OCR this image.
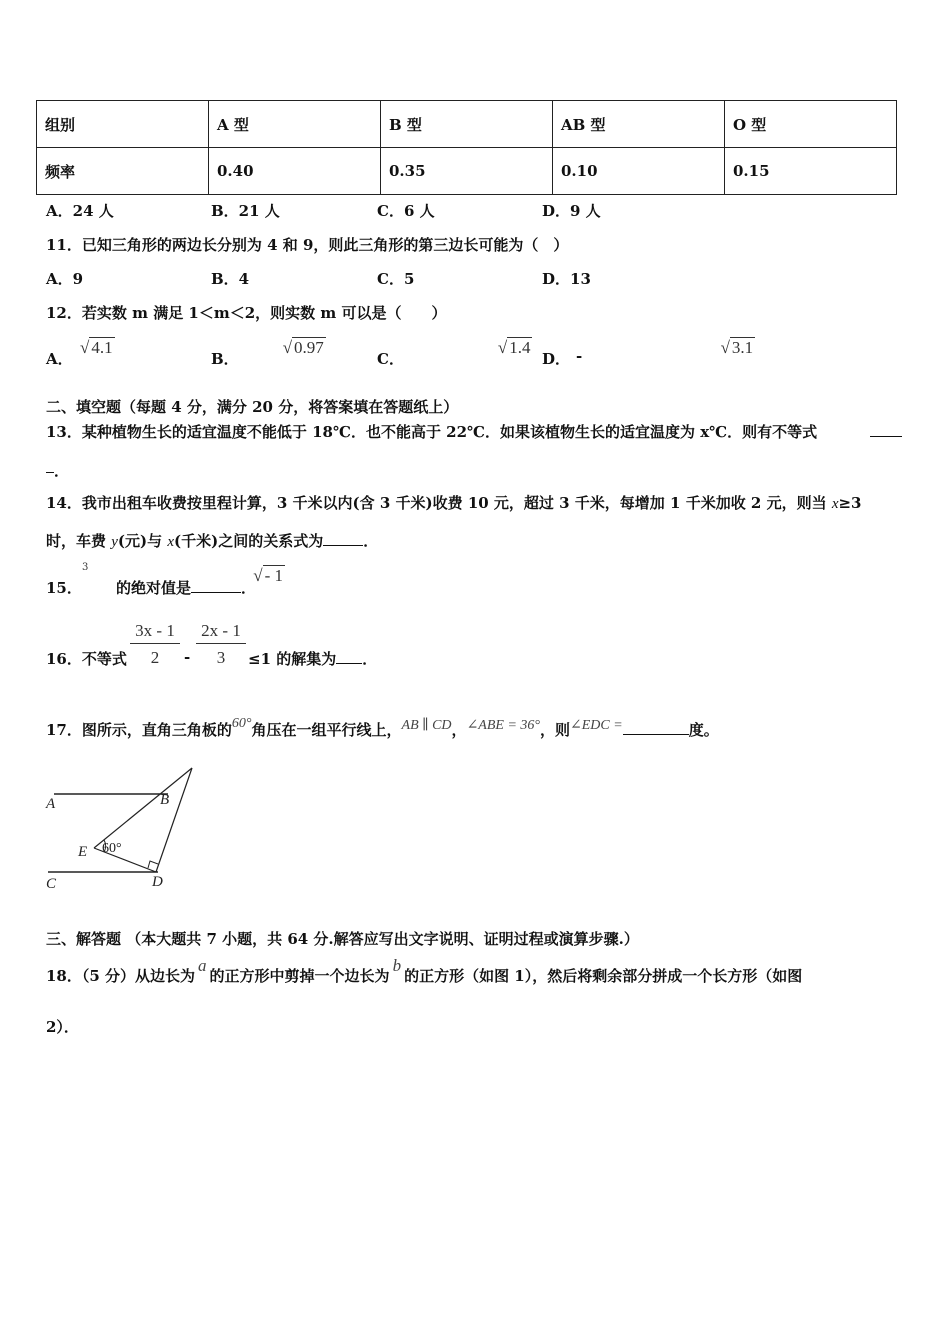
组别	A 型	B 型	AB 型	O 型
频率	0.40	0.35	0.10	0.15
A．24 人	B．21 人	C．6 人	D．9 人
11．已知三角形的两边长分别为 4 和 9，则此三角形的第三边长可能为（　）
A．9	B．4	C．5	D．13
12．若实数 m 满足 1＜m＜2，则实数 m 可以是（　　）
A．
√ 4.1
B．
√ 0.97
C．
√ 1.4
D． -	√ 3.1
二、填空题（每题 4 分，满分 20 分，将答案填在答题纸上）
13．某种植物生长的适宜温度不能低于 18℃．也不能高于 22℃．如果该植物生长的适宜温度为 x℃．则有不等式
．
14．我市出租车收费按里程计算，3 千米以内(含 3 千米)收费 10 元，超过 3 千米，每增加 1 千米加收 2 元，则当 x≥3
时，车费 y(元)与 x(千米)之间的关系式为	．
15．
3	√ - 1
的绝对值是	．
16．不等式 $\frac{3x - 1}{2} - \frac{2x - 1}{3} \le 1$ 的解集为 ．
17．图所示，直角三角板的60°角压在一组平行线上，AB ∥ CD，∠ABE = 36°，则∠EDC =	度。
A	B
E 60°
C	D
三、解答题 （本大题共 7 小题，共 64 分.解答应写出文字说明、证明过程或演算步骤.）
18．（5 分）从边长为a的正方形中剪掉一个边长为b的正方形（如图 1），然后将剩余部分拼成一个长方形（如图
2）．
